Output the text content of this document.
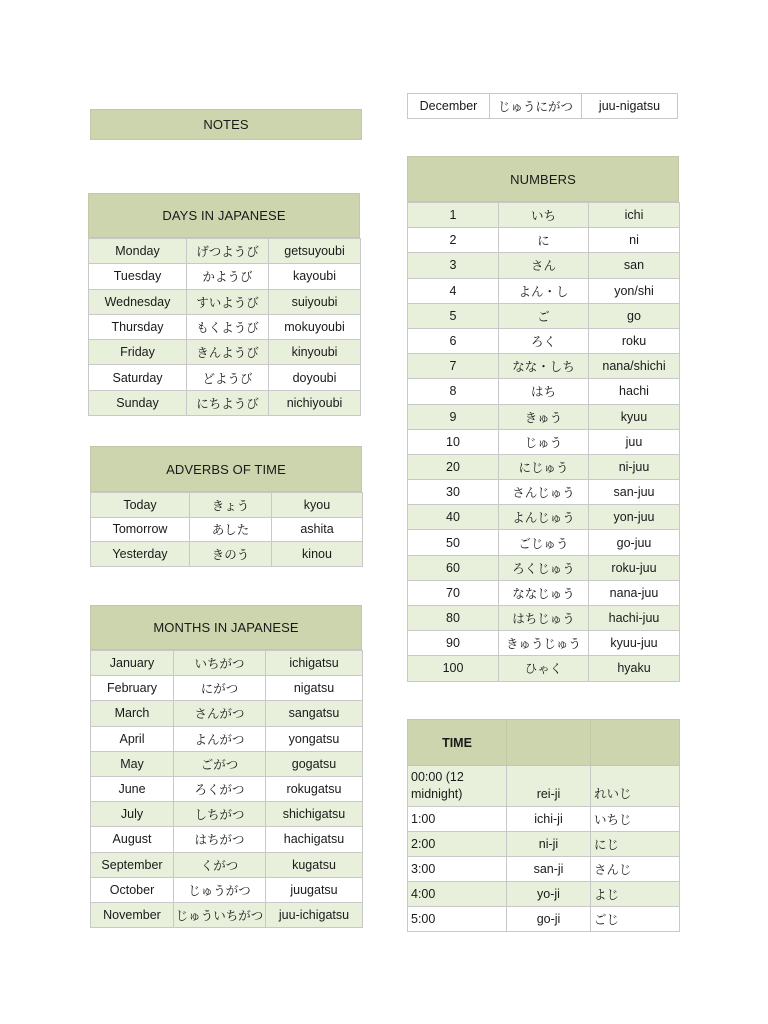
NOTES
December	じゅうにがつ	juu-nigatsu
DAYS IN JAPANESE
Monday	げつようび	getsuyoubi
Tuesday	かようび	kayoubi
Wednesday	すいようび	suiyoubi
Thursday	もくようび	mokuyoubi
Friday	きんようび	kinyoubi
Saturday	どようび	doyoubi
Sunday	にちようび	nichiyoubi
ADVERBS OF TIME
Today	きょう	kyou
Tomorrow	あした	ashita
Yesterday	きのう	kinou
MONTHS IN JAPANESE
January	いちがつ	ichigatsu
February	にがつ	nigatsu
March	さんがつ	sangatsu
April	よんがつ	yongatsu
May	ごがつ	gogatsu
June	ろくがつ	rokugatsu
July	しちがつ	shichigatsu
August	はちがつ	hachigatsu
September	くがつ	kugatsu
October	じゅうがつ	juugatsu
November	じゅういちがつ	juu-ichigatsu
NUMBERS
1	いち	ichi
2	に	ni
3	さん	san
4	よん・し	yon/shi
5	ご	go
6	ろく	roku
7	なな・しち	nana/shichi
8	はち	hachi
9	きゅう	kyuu
10	じゅう	juu
20	にじゅう	ni-juu
30	さんじゅう	san-juu
40	よんじゅう	yon-juu
50	ごじゅう	go-juu
60	ろくじゅう	roku-juu
70	ななじゅう	nana-juu
80	はちじゅう	hachi-juu
90	きゅうじゅう	kyuu-juu
100	ひゃく	hyaku
TIME		
00:00 (12 midnight)	rei-ji	れいじ
1:00	ichi-ji	いちじ
2:00	ni-ji	にじ
3:00	san-ji	さんじ
4:00	yo-ji	よじ
5:00	go-ji	ごじ
